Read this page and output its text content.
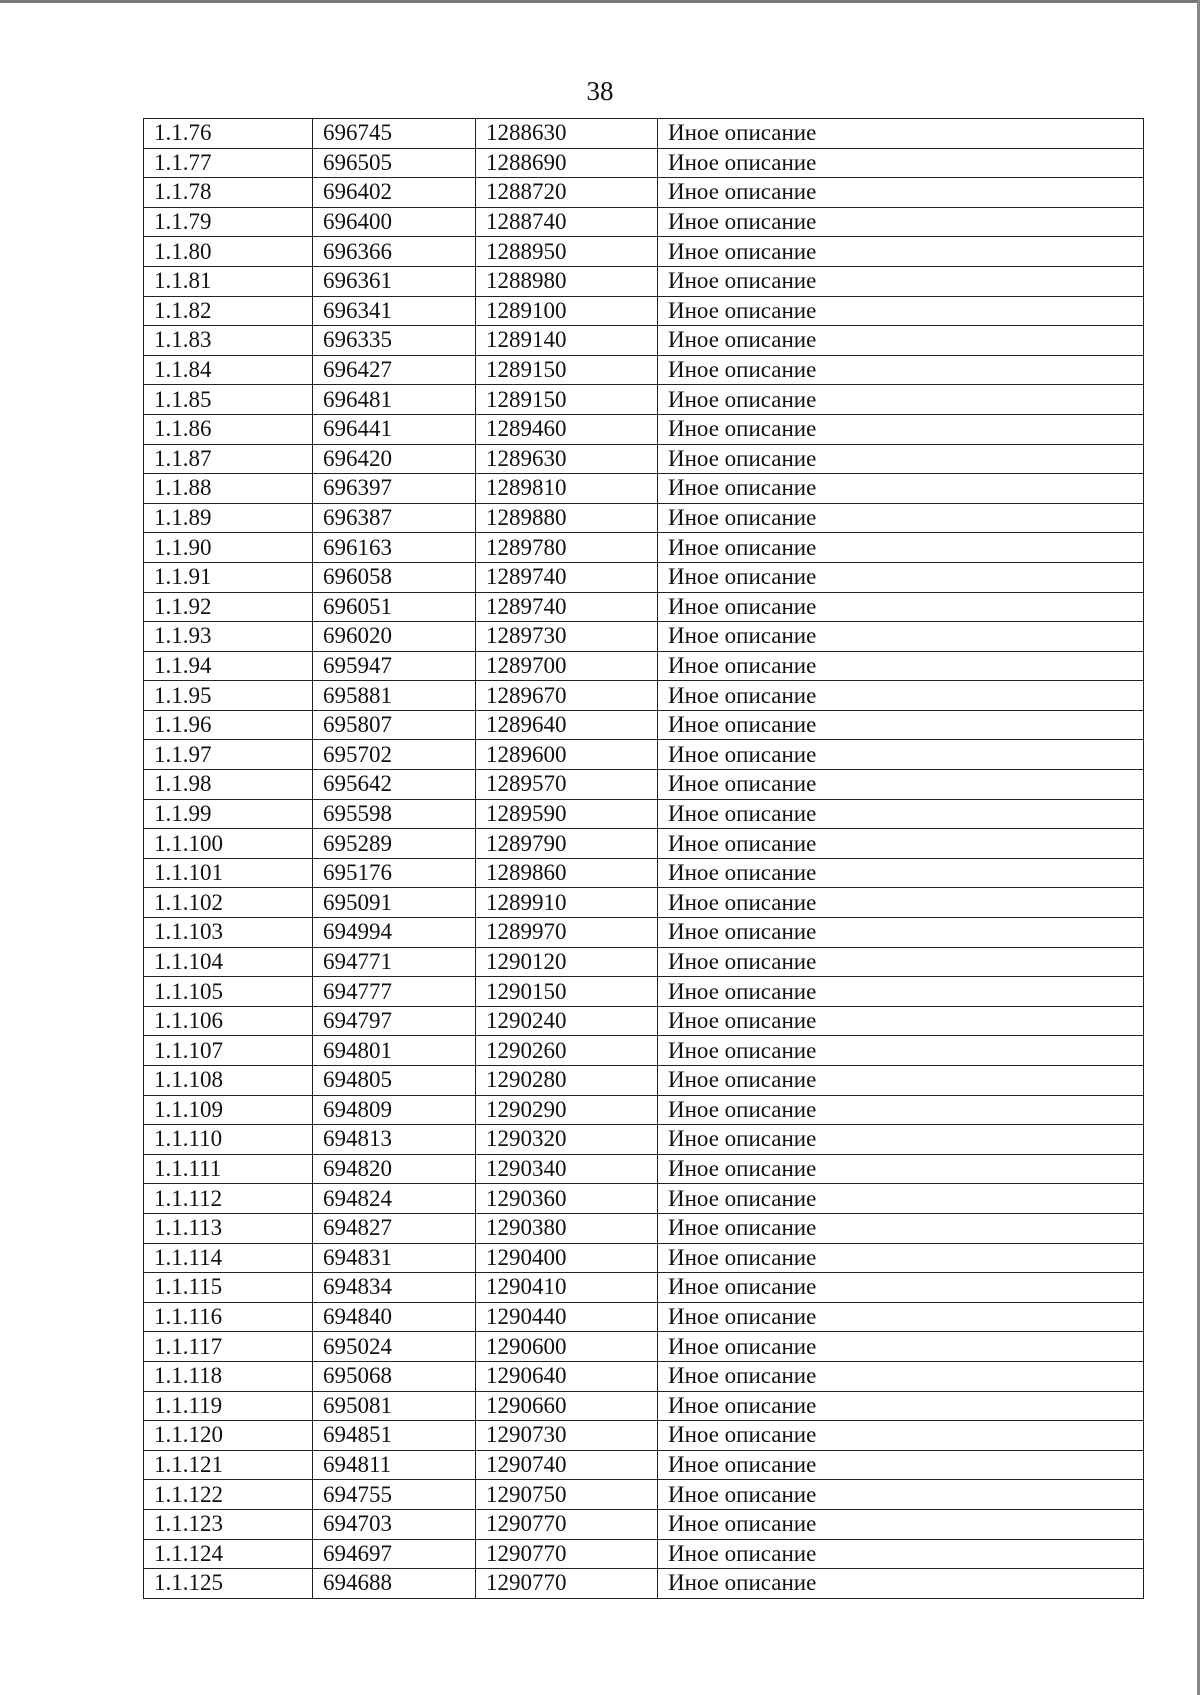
38
1.1.76	696745	1288630	Иное описание
1.1.77	696505	1288690	Иное описание
1.1.78	696402	1288720	Иное описание
1.1.79	696400	1288740	Иное описание
1.1.80	696366	1288950	Иное описание
1.1.81	696361	1288980	Иное описание
1.1.82	696341	1289100	Иное описание
1.1.83	696335	1289140	Иное описание
1.1.84	696427	1289150	Иное описание
1.1.85	696481	1289150	Иное описание
1.1.86	696441	1289460	Иное описание
1.1.87	696420	1289630	Иное описание
1.1.88	696397	1289810	Иное описание
1.1.89	696387	1289880	Иное описание
1.1.90	696163	1289780	Иное описание
1.1.91	696058	1289740	Иное описание
1.1.92	696051	1289740	Иное описание
1.1.93	696020	1289730	Иное описание
1.1.94	695947	1289700	Иное описание
1.1.95	695881	1289670	Иное описание
1.1.96	695807	1289640	Иное описание
1.1.97	695702	1289600	Иное описание
1.1.98	695642	1289570	Иное описание
1.1.99	695598	1289590	Иное описание
1.1.100	695289	1289790	Иное описание
1.1.101	695176	1289860	Иное описание
1.1.102	695091	1289910	Иное описание
1.1.103	694994	1289970	Иное описание
1.1.104	694771	1290120	Иное описание
1.1.105	694777	1290150	Иное описание
1.1.106	694797	1290240	Иное описание
1.1.107	694801	1290260	Иное описание
1.1.108	694805	1290280	Иное описание
1.1.109	694809	1290290	Иное описание
1.1.110	694813	1290320	Иное описание
1.1.111	694820	1290340	Иное описание
1.1.112	694824	1290360	Иное описание
1.1.113	694827	1290380	Иное описание
1.1.114	694831	1290400	Иное описание
1.1.115	694834	1290410	Иное описание
1.1.116	694840	1290440	Иное описание
1.1.117	695024	1290600	Иное описание
1.1.118	695068	1290640	Иное описание
1.1.119	695081	1290660	Иное описание
1.1.120	694851	1290730	Иное описание
1.1.121	694811	1290740	Иное описание
1.1.122	694755	1290750	Иное описание
1.1.123	694703	1290770	Иное описание
1.1.124	694697	1290770	Иное описание
1.1.125	694688	1290770	Иное описание
